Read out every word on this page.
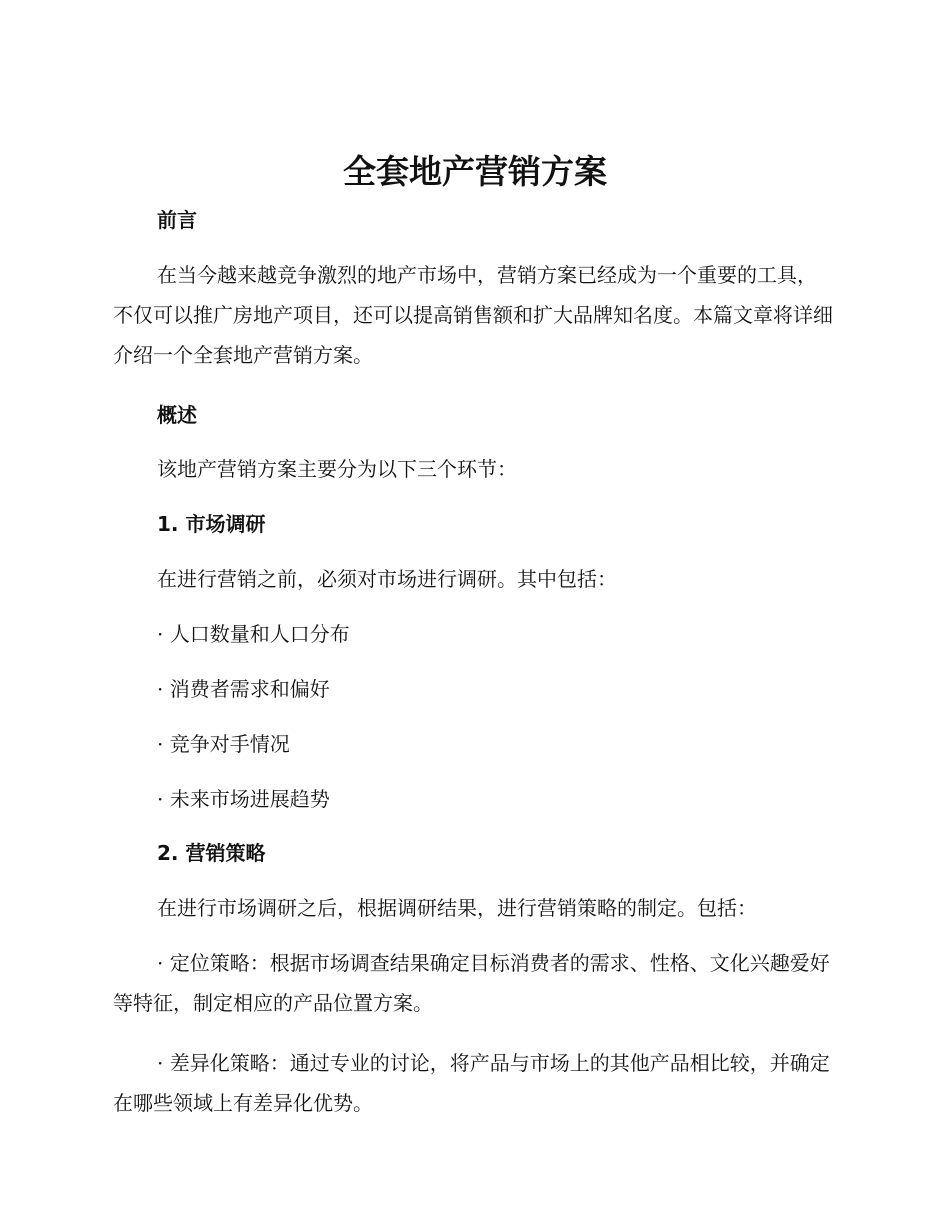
全套地产营销方案

前言

在当今越来越竞争激烈的地产市场中，营销方案已经成为一个重要的工具，不仅可以推广房地产项目，还可以提高销售额和扩大品牌知名度。本篇文章将详细介绍一个全套地产营销方案。

概述

该地产营销方案主要分为以下三个环节：

1. 市场调研

在进行营销之前，必须对市场进行调研。其中包括：

· 人口数量和人口分布

· 消费者需求和偏好

· 竞争对手情况

· 未来市场进展趋势

2. 营销策略

在进行市场调研之后，根据调研结果，进行营销策略的制定。包括：

· 定位策略：根据市场调查结果确定目标消费者的需求、性格、文化兴趣爱好等特征，制定相应的产品位置方案。

· 差异化策略：通过专业的讨论，将产品与市场上的其他产品相比较，并确定在哪些领域上有差异化优势。
